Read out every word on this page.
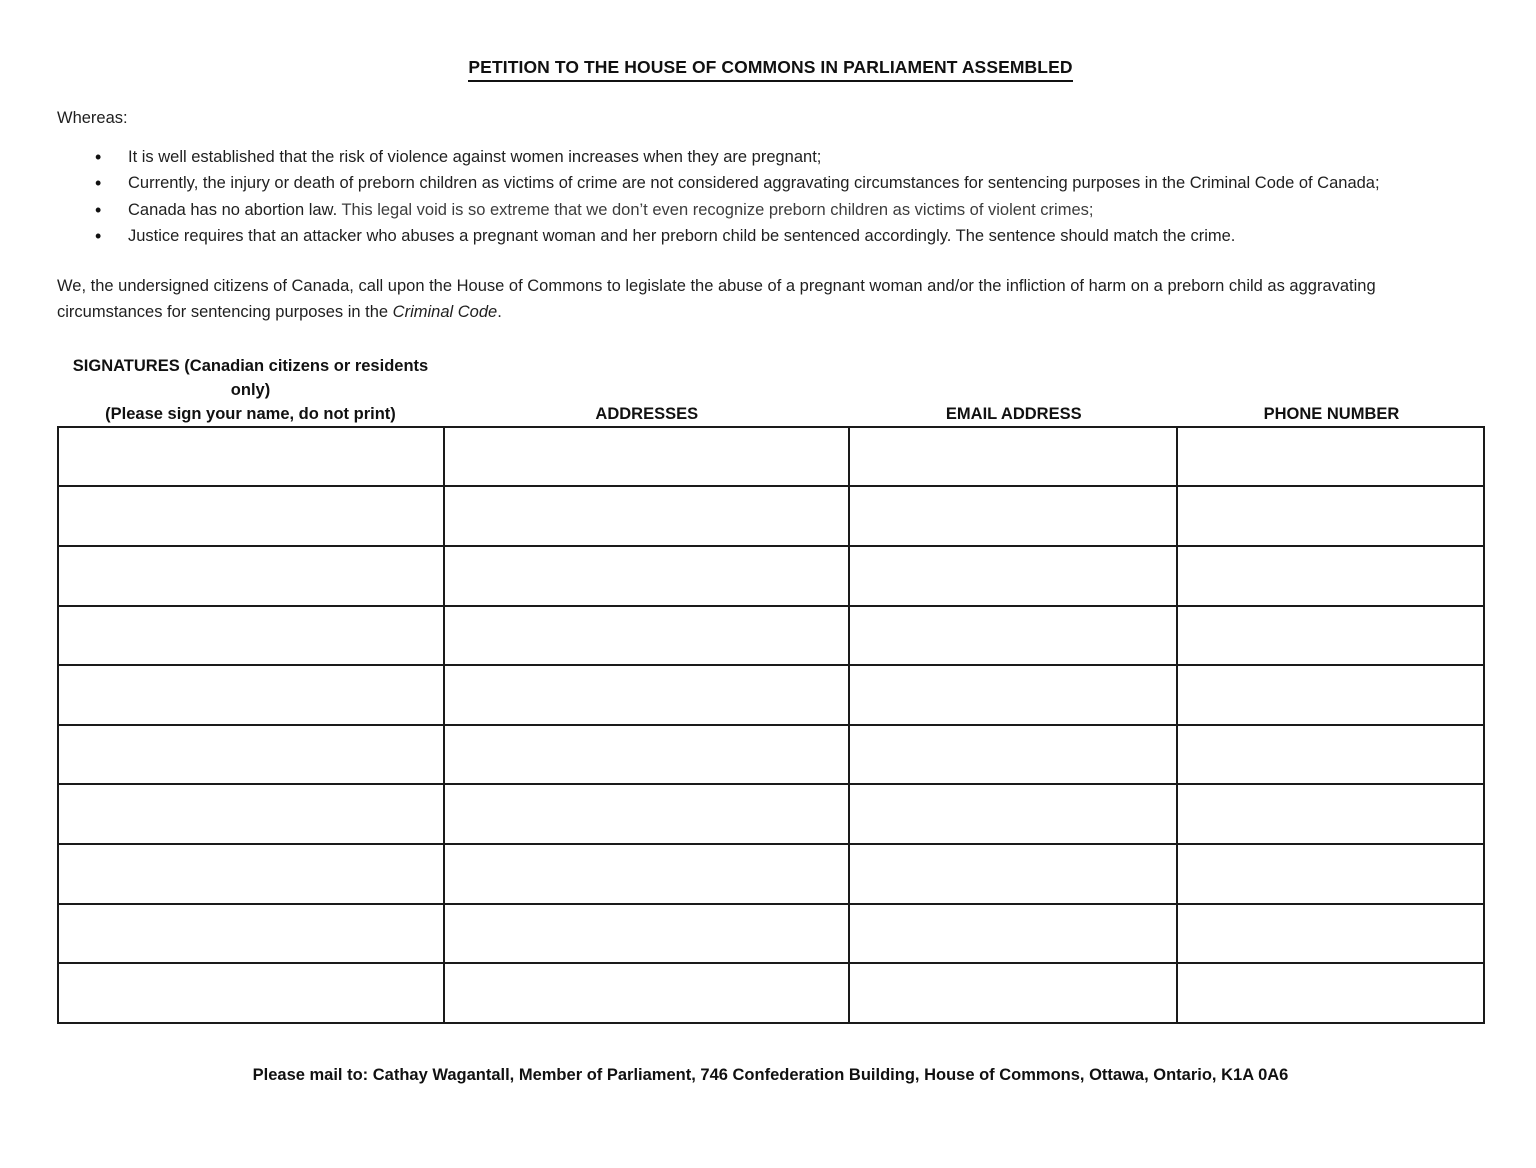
PETITION TO THE HOUSE OF COMMONS IN PARLIAMENT ASSEMBLED
Whereas:
• It is well established that the risk of violence against women increases when they are pregnant;
• Currently, the injury or death of preborn children as victims of crime are not considered aggravating circumstances for sentencing purposes in the Criminal Code of Canada;
• Canada has no abortion law. This legal void is so extreme that we don’t even recognize preborn children as victims of violent crimes;
• Justice requires that an attacker who abuses a pregnant woman and her preborn child be sentenced accordingly. The sentence should match the crime.
We, the undersigned citizens of Canada, call upon the House of Commons to legislate the abuse of a pregnant woman and/or the infliction of harm on a preborn child as aggravating circumstances for sentencing purposes in the Criminal Code.
SIGNATURES (Canadian citizens or residents
only)
(Please sign your name, do not print)	ADDRESSES	EMAIL ADDRESS	PHONE NUMBER

Please mail to: Cathay Wagantall, Member of Parliament, 746 Confederation Building, House of Commons, Ottawa, Ontario, K1A 0A6
